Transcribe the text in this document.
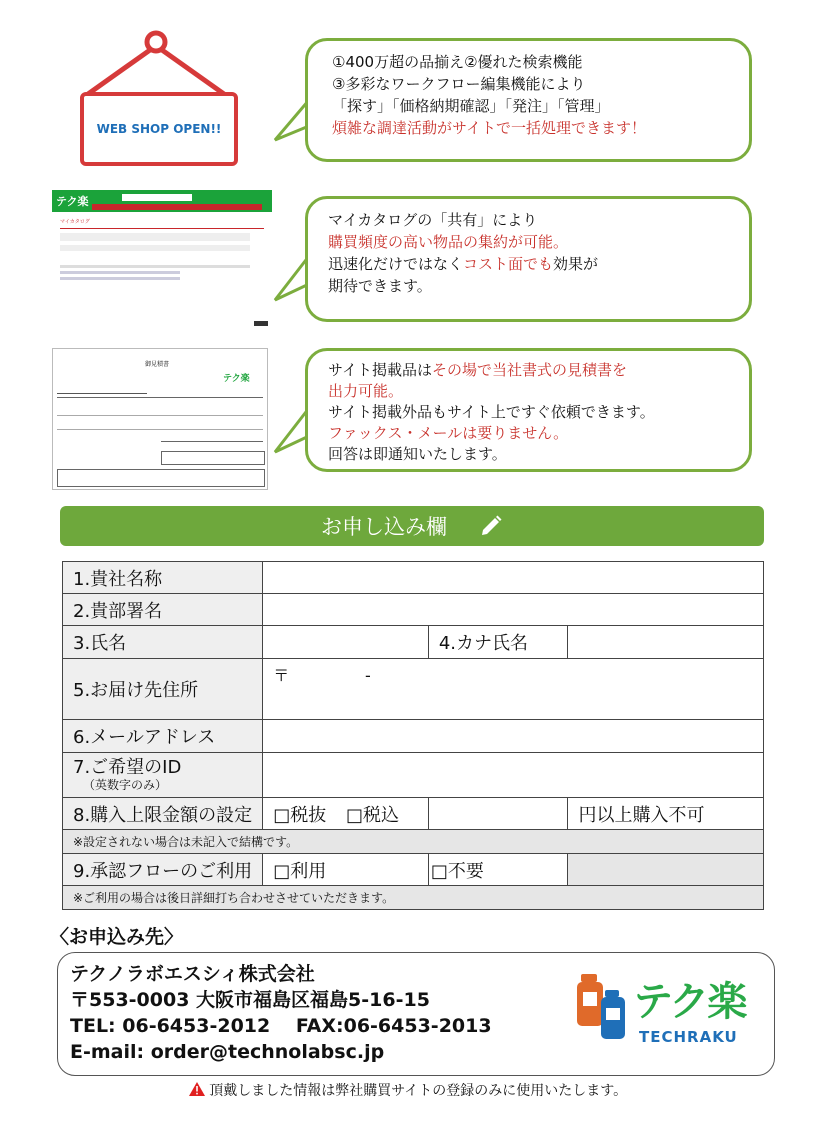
WEB SHOP OPEN!!
①400万超の品揃え②優れた検索機能
③多彩なワークフロー編集機能により
「探す」「価格納期確認」「発注」「管理」
煩雑な調達活動がサイトで一括処理できます！
テク楽
マイカタログ	マイカタログの「共有」により
購買頻度の高い物品の集約が可能。
迅速化だけではなくコスト面でも効果が
期待できます。
御見積書
テク楽	サイト掲載品はその場で当社書式の見積書を
出力可能。
サイト掲載外品もサイト上ですぐ依頼できます。
ファックス・メールは要りません。
回答は即通知いたします。
お申し込み欄
1.貴社名称			
2.貴部署名			
3.氏名		4.カナ氏名	
5.お届け先住所	〒 -		
6.メールアドレス			
7.ご希望のID
（英数字のみ）			

8.購入上限金額の設定	□税抜 □税込		円以上購入不可
※設定されない場合は未記入で結構です。			
9.承認フローのご利用	□利用	□不要	
※ご利用の場合は後日詳細打ち合わせさせていただきます。			
〈お申込み先〉
テクノラボエスシィ株式会社
〒553-0003 大阪市福島区福島5-16-15
TEL: 06-6453-2012　 FAX:06-6453-2013
E-mail: order@technolabsc.jp
テク楽
TECHRAKU
頂戴しました情報は弊社購買サイトの登録のみに使用いたします。
